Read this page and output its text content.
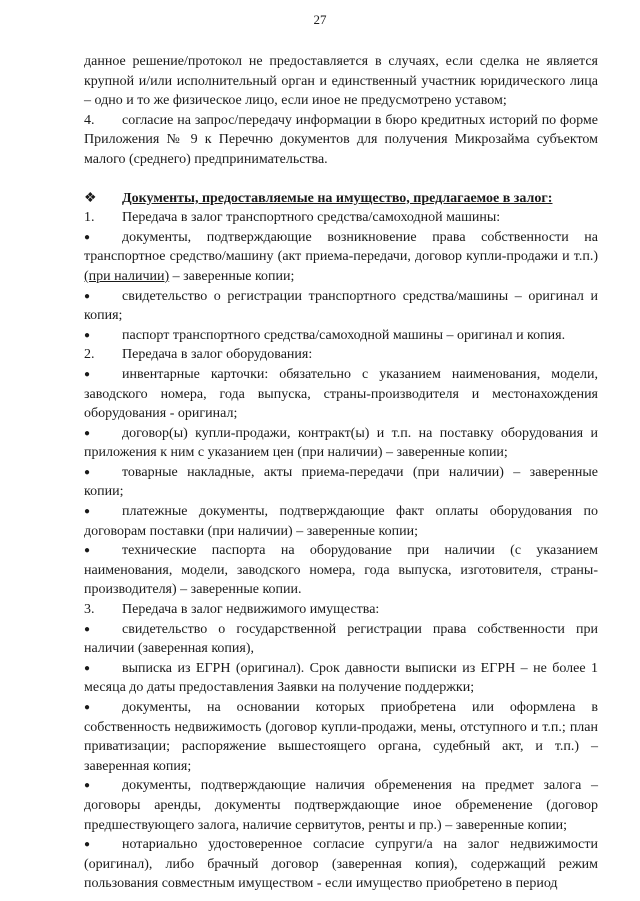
27

данное решение/протокол не предоставляется в случаях, если сделка не является крупной и/или исполнительный орган и единственный участник юридического лица – одно и то же физическое лицо, если иное не предусмотрено уставом;

4. согласие на запрос/передачу информации в бюро кредитных историй по форме Приложения № 9 к Перечню документов для получения Микрозайма субъектом малого (среднего) предпринимательства.

❖ Документы, предоставляемые на имущество, предлагаемое в залог:

1. Передача в залог транспортного средства/самоходной машины:

● документы, подтверждающие возникновение права собственности на транспортное средство/машину (акт приема-передачи, договор купли-продажи и т.п.) (при наличии) – заверенные копии;

● свидетельство о регистрации транспортного средства/машины – оригинал и копия;

● паспорт транспортного средства/самоходной машины – оригинал и копия.

2. Передача в залог оборудования:

● инвентарные карточки: обязательно с указанием наименования, модели, заводского номера, года выпуска, страны-производителя и местонахождения оборудования - оригинал;

● договор(ы) купли-продажи, контракт(ы) и т.п. на поставку оборудования и приложения к ним с указанием цен (при наличии) – заверенные копии;

● товарные накладные, акты приема-передачи (при наличии) – заверенные копии;

● платежные документы, подтверждающие факт оплаты оборудования по договорам поставки (при наличии) – заверенные копии;

● технические паспорта на оборудование при наличии (с указанием наименования, модели, заводского номера, года выпуска, изготовителя, страны-производителя) – заверенные копии.

3. Передача в залог недвижимого имущества:

● свидетельство о государственной регистрации права собственности при наличии (заверенная копия),

● выписка из ЕГРН (оригинал). Срок давности выписки из ЕГРН – не более 1 месяца до даты предоставления Заявки на получение поддержки;

● документы, на основании которых приобретена или оформлена в собственность недвижимость (договор купли-продажи, мены, отступного и т.п.; план приватизации; распоряжение вышестоящего органа, судебный акт, и т.п.) – заверенная копия;

● документы, подтверждающие наличия обременения на предмет залога – договоры аренды, документы подтверждающие иное обременение (договор предшествующего залога, наличие сервитутов, ренты и пр.) – заверенные копии;

● нотариально удостоверенное согласие супруги/а на залог недвижимости (оригинал), либо брачный договор (заверенная копия), содержащий режим пользования совместным имуществом - если имущество приобретено в период
